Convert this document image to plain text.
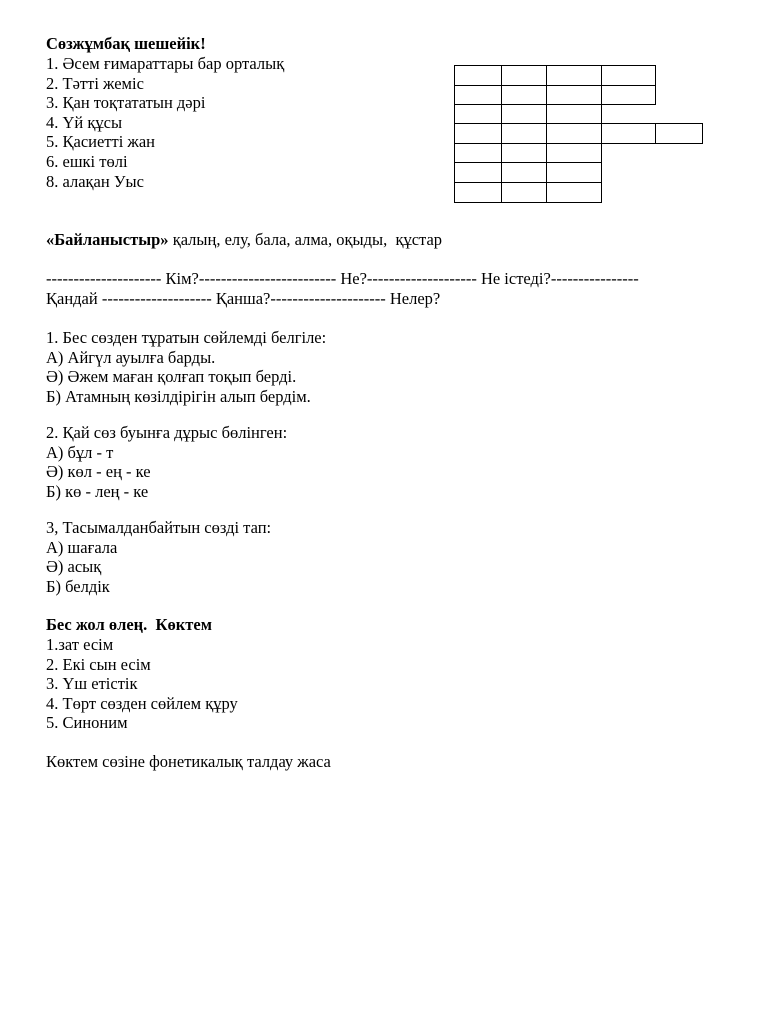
Сөзжұмбақ шешейік!
1. Әсем ғимараттары бар орталық
2. Тәтті жеміс
3. Қан тоқтататын дәрі
4. Үй құсы
5. Қасиетті жан
6. ешкі төлі
8. алақан Уыс
«Байланыстыр» қалың, елу, бала, алма, оқыды,  құстар
--------------------- Кім?------------------------- Не?-------------------- Не істеді?----------------
Қандай -------------------- Қанша?--------------------- Нелер?
1. Бес сөзден тұратын сөйлемді белгіле:
А) Айгүл ауылға барды.
Ә) Әжем маған қолғап тоқып берді.
Б) Атамның көзілдірігін алып бердім.
2. Қай сөз буынға дұрыс бөлінген:
А) бұл - т
Ә) көл - ең - ке
Б) кө - лең - ке
3, Тасымалданбайтын сөзді тап:
А) шағала
Ә) асық
Б) белдік
Бес жол өлең.  Көктем
1.зат есім
2. Екі сын есім
3. Үш етістік
4. Төрт сөзден сөйлем құру
5. Синоним
Көктем сөзіне фонетикалық талдау жаса
